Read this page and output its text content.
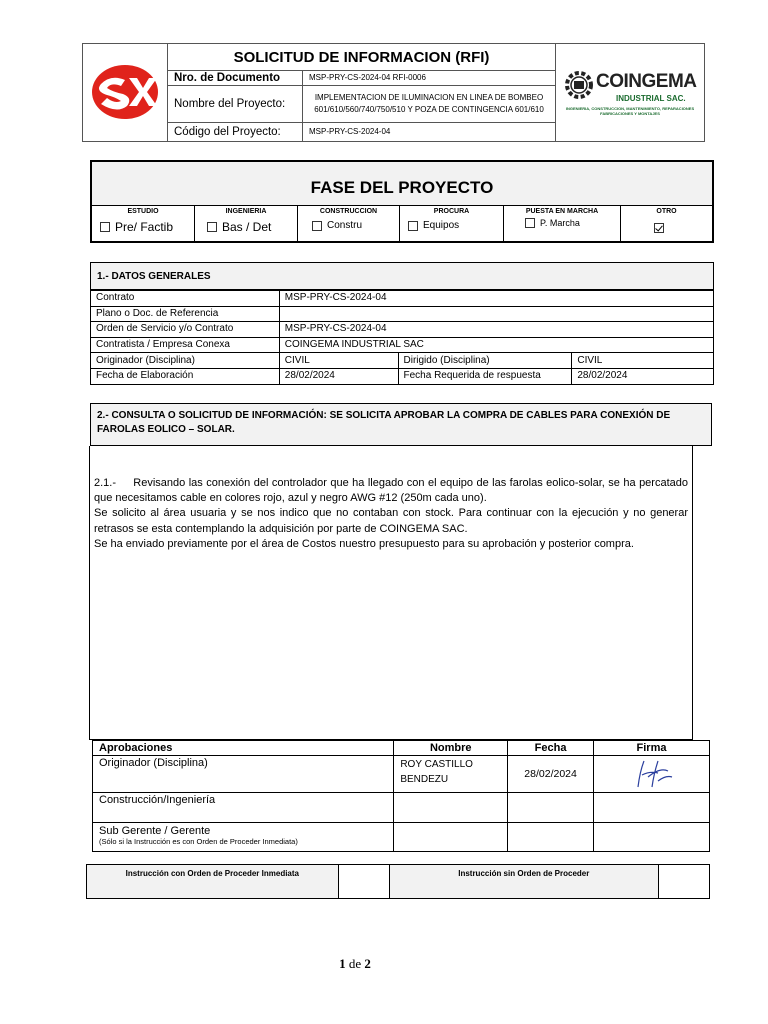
SOLICITUD DE INFORMACION (RFI)
Nro. de Documento	MSP-PRY-CS-2024-04 RFI-0006
Nombre del Proyecto:
IMPLEMENTACION DE ILUMINACION EN LINEA DE BOMBEO 601/610/560/740/750/510 Y POZA DE CONTINGENCIA 601/610
Código del Proyecto:	MSP-PRY-CS-2024-04
COINGEMA
INDUSTRIAL SAC.
INGENIERIA, CONSTRUCCION, MANTENIMIENTO, REPARACIONES FABRICACIONES Y MONTAJES
FASE DEL PROYECTO
ESTUDIO
Pre/ Factib
INGENIERIA
Bas / Det
CONSTRUCCION
Constru
PROCURA
Equipos
PUESTA EN MARCHA
P. Marcha
OTRO
1.- DATOS GENERALES
Contrato	MSP-PRY-CS-2024-04		
Plano o Doc. de Referencia			
Orden de Servicio y/o Contrato	MSP-PRY-CS-2024-04		
Contratista / Empresa Conexa	COINGEMA INDUSTRIAL SAC		
Originador (Disciplina)	CIVIL	Dirigido (Disciplina)	CIVIL
Fecha de Elaboración	28/02/2024	Fecha Requerida de respuesta	28/02/2024
2.- CONSULTA O SOLICITUD DE INFORMACIÓN: SE SOLICITA APROBAR LA COMPRA DE CABLES PARA CONEXIÓN DE FAROLAS EOLICO – SOLAR.

2.1.-     Revisando las conexión del controlador que ha llegado con el equipo de las farolas eolico-solar, se ha percatado que necesitamos cable en colores rojo, azul y negro AWG #12 (250m cada uno).

Se solicito al área usuaria y se nos indico que no contaban con stock. Para continuar con la ejecución y no generar retrasos se esta contemplando la adquisición por parte de COINGEMA SAC.

Se ha enviado previamente por el área de Costos nuestro presupuesto para su aprobación y posterior compra.

Aprobaciones	Nombre	Fecha	Firma
Originador (Disciplina)	ROY CASTILLO BENDEZU	28/02/2024	

Construcción/Ingeniería			

Sub Gerente / Gerente
(Sólo si la Instrucción es con Orden de Proceder Inmediata)			

Instrucción con Orden de Proceder Inmediata		Instrucción sin Orden de Proceder	
1 de 2
